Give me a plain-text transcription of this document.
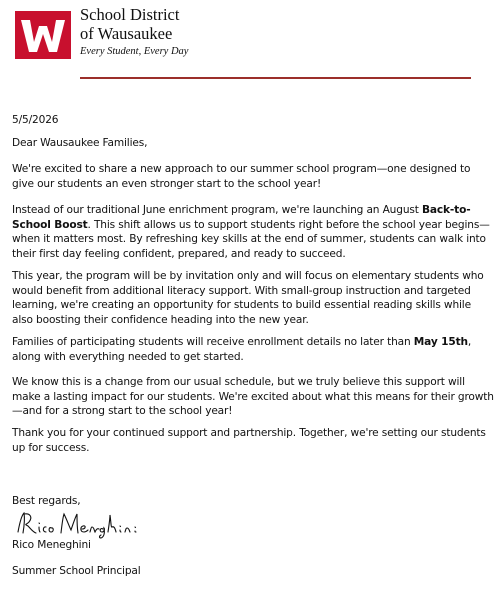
School District
of Wausaukee
Every Student, Every Day

5/5/2026

Dear Wausaukee Families,

We're excited to share a new approach to our summer school program—one designed to give our students an even stronger start to the school year!

Instead of our traditional June enrichment program, we're launching an August Back-to-School Boost. This shift allows us to support students right before the school year begins—when it matters most. By refreshing key skills at the end of summer, students can walk into their first day feeling confident, prepared, and ready to succeed.

This year, the program will be by invitation only and will focus on elementary students who would benefit from additional literacy support. With small-group instruction and targeted learning, we're creating an opportunity for students to build essential reading skills while also boosting their confidence heading into the new year.

Families of participating students will receive enrollment details no later than May 15th, along with everything needed to get started.

We know this is a change from our usual schedule, but we truly believe this support will make a lasting impact for our students. We're excited about what this means for their growth—and for a strong start to the school year!

Thank you for your continued support and partnership. Together, we're setting our students up for success.

Best regards,

Rico Meneghini

Summer School Principal
